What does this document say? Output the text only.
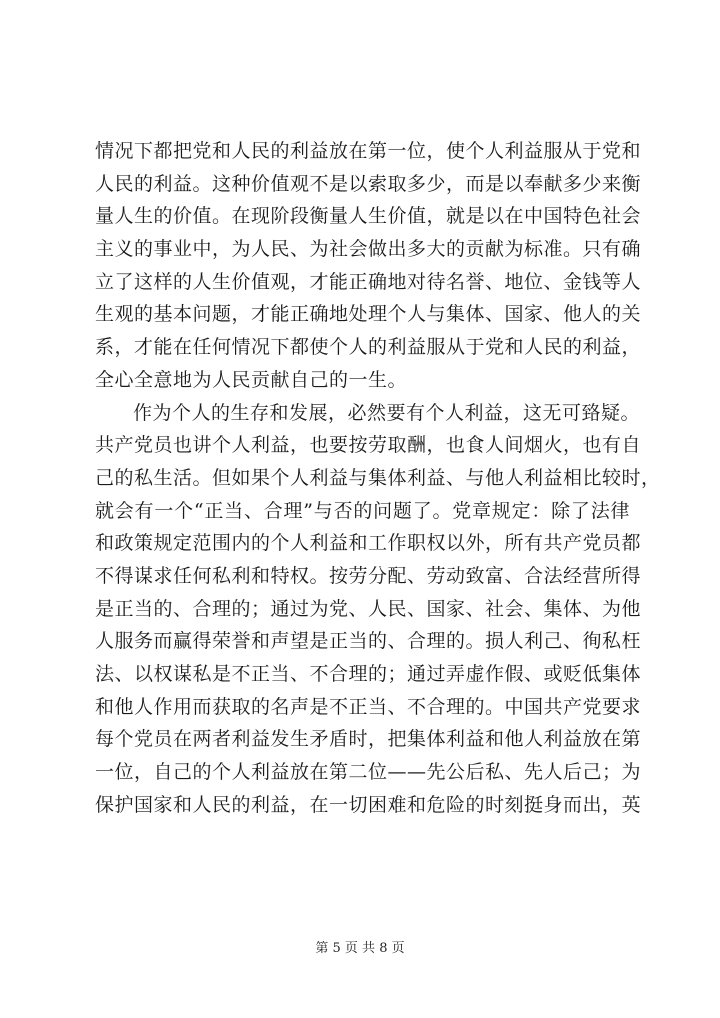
情况下都把党和人民的利益放在第一位，使个人利益服从于党和
人民的利益。这种价值观不是以索取多少，而是以奉献多少来衡
量人生的价值。在现阶段衡量人生价值，就是以在中国特色社会
主义的事业中，为人民、为社会做出多大的贡献为标准。只有确
立了这样的人生价值观，才能正确地对待名誉、地位、金钱等人
生观的基本问题，才能正确地处理个人与集体、国家、他人的关
系，才能在任何情况下都使个人的利益服从于党和人民的利益，
全心全意地为人民贡献自己的一生。
作为个人的生存和发展，必然要有个人利益，这无可臵疑。
共产党员也讲个人利益，也要按劳取酬，也食人间烟火，也有自
己的私生活。但如果个人利益与集体利益、与他人利益相比较时，
就会有一个“正当、合理”与否的问题了。党章规定：除了法律
和政策规定范围内的个人利益和工作职权以外，所有共产党员都
不得谋求任何私利和特权。按劳分配、劳动致富、合法经营所得
是正当的、合理的；通过为党、人民、国家、社会、集体、为他
人服务而赢得荣誉和声望是正当的、合理的。损人利己、徇私枉
法、以权谋私是不正当、不合理的；通过弄虚作假、或贬低集体
和他人作用而获取的名声是不正当、不合理的。中国共产党要求
每个党员在两者利益发生矛盾时，把集体利益和他人利益放在第
一位，自己的个人利益放在第二位——先公后私、先人后己；为
保护国家和人民的利益，在一切困难和危险的时刻挺身而出，英
第 5 页 共 8 页
